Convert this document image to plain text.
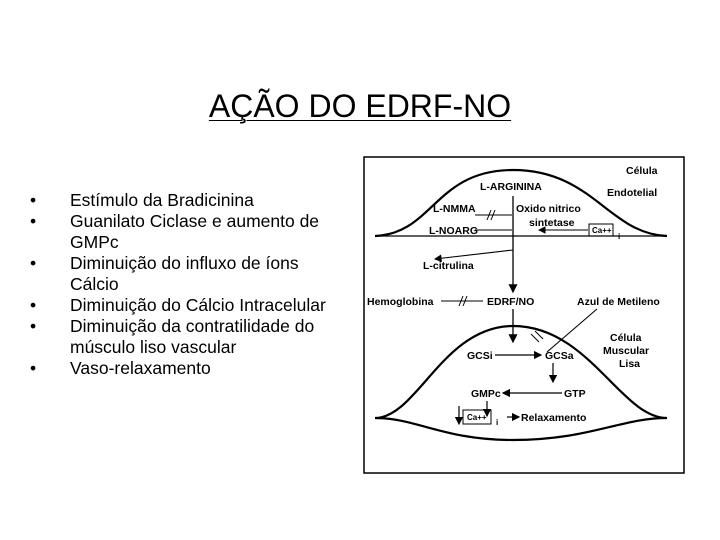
AÇÃO DO EDRF-NO
• Estímulo da Bradicinina
• Guanilato Ciclase e aumento de GMPc
• Diminuição do influxo de íons Cálcio
• Diminuição do Cálcio Intracelular
• Diminuição da contratilidade do músculo liso vascular
• Vaso-relaxamento
L-ARGININA
Célula
Endotelial
L-NMMA	Oxido nitrico
sintetase
L-NOARG	Ca++
i
L-citrulina
Hemoglobina	EDRF/NO	Azul de Metileno
Célula
Muscular
Lisa
GCSi	GCSa
GTP
GMPc
Ca++
i Relaxamento
